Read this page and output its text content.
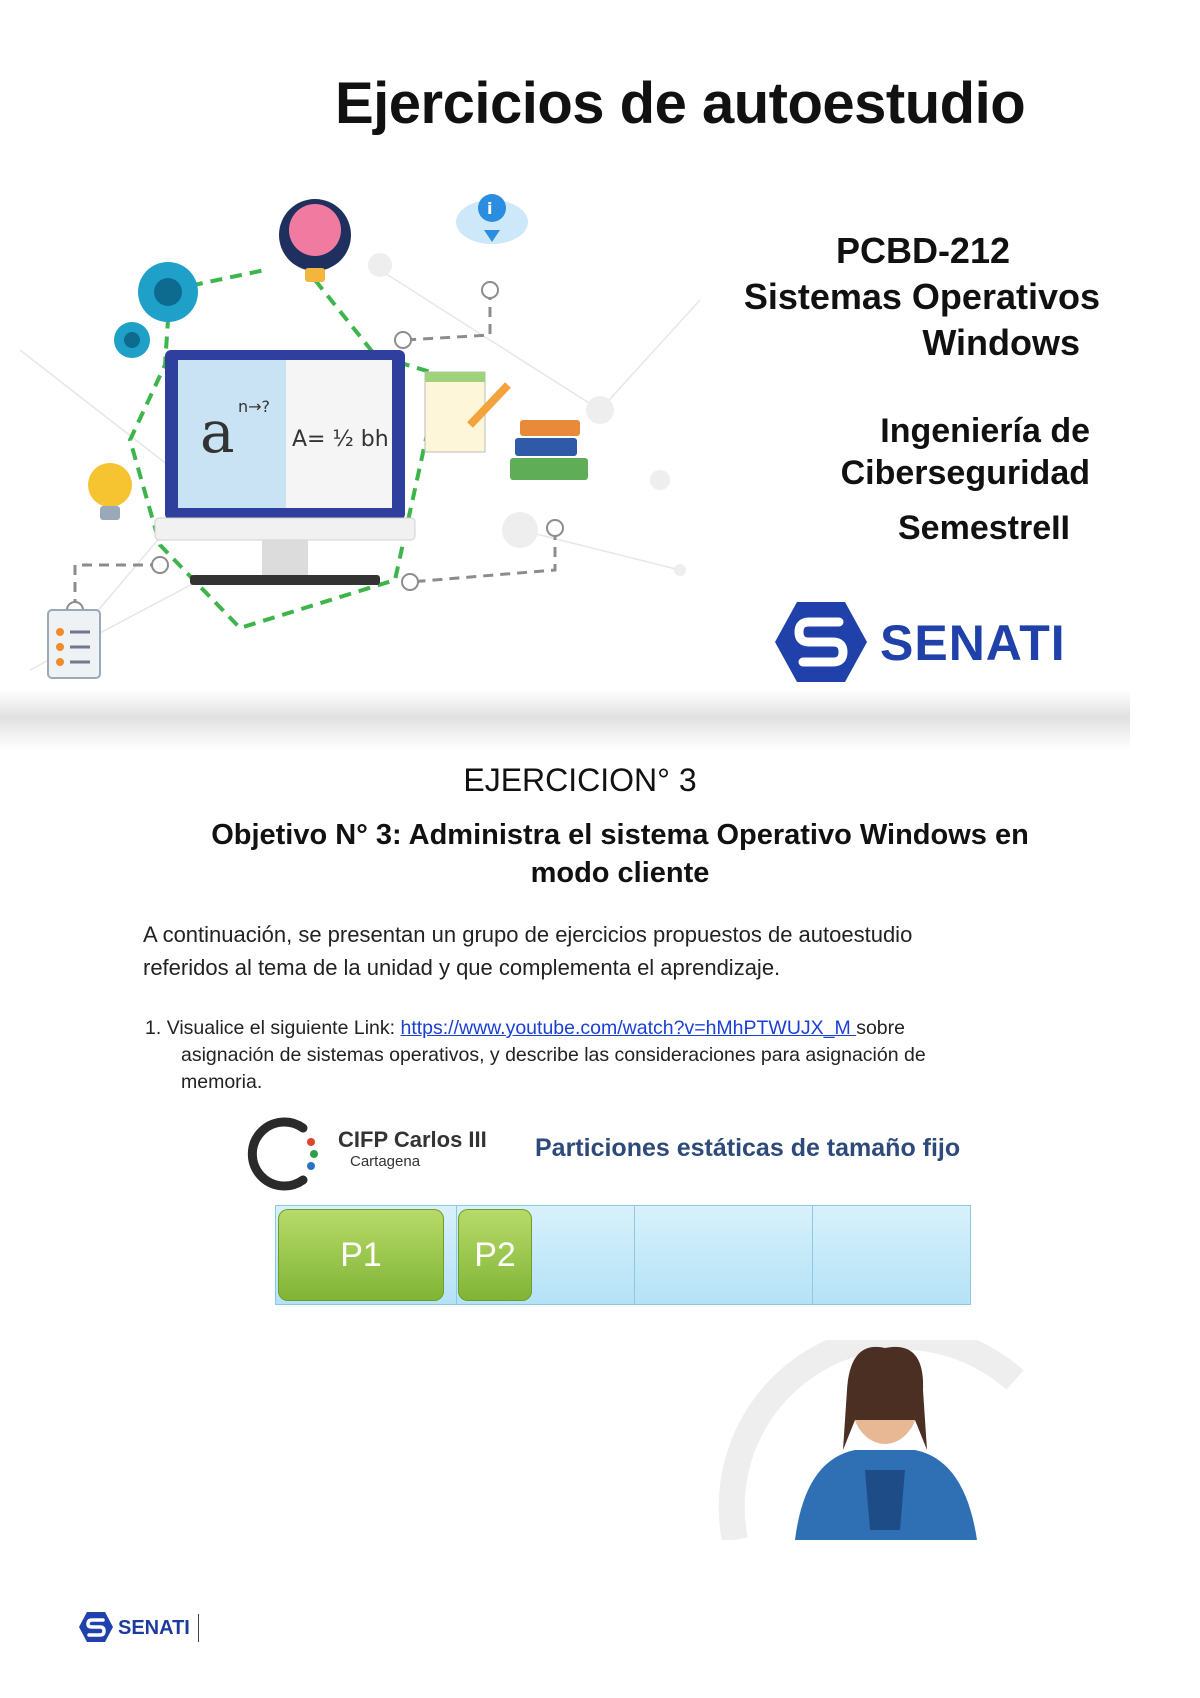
Ejercicios de autoestudio
a n→?
A= ½ bh
i
PCBD-212
Sistemas Operativos
Windows
Ingeniería de
Ciberseguridad
SemestreII
SENATI
EJERCICION° 3
Objetivo N° 3: Administra el sistema Operativo Windows en
modo cliente
A continuación, se presentan un grupo de ejercicios propuestos de autoestudio
referidos al tema de la unidad y que complementa el aprendizaje.
1. Visualice el siguiente Link: https://www.youtube.com/watch?v=hMhPTWUJX_M sobre
asignación de sistemas operativos, y describe las consideraciones para asignación de
memoria.
CIFP Carlos III
Cartagena	Particiones estáticas de tamaño fijo
P1	P2
SENATI
